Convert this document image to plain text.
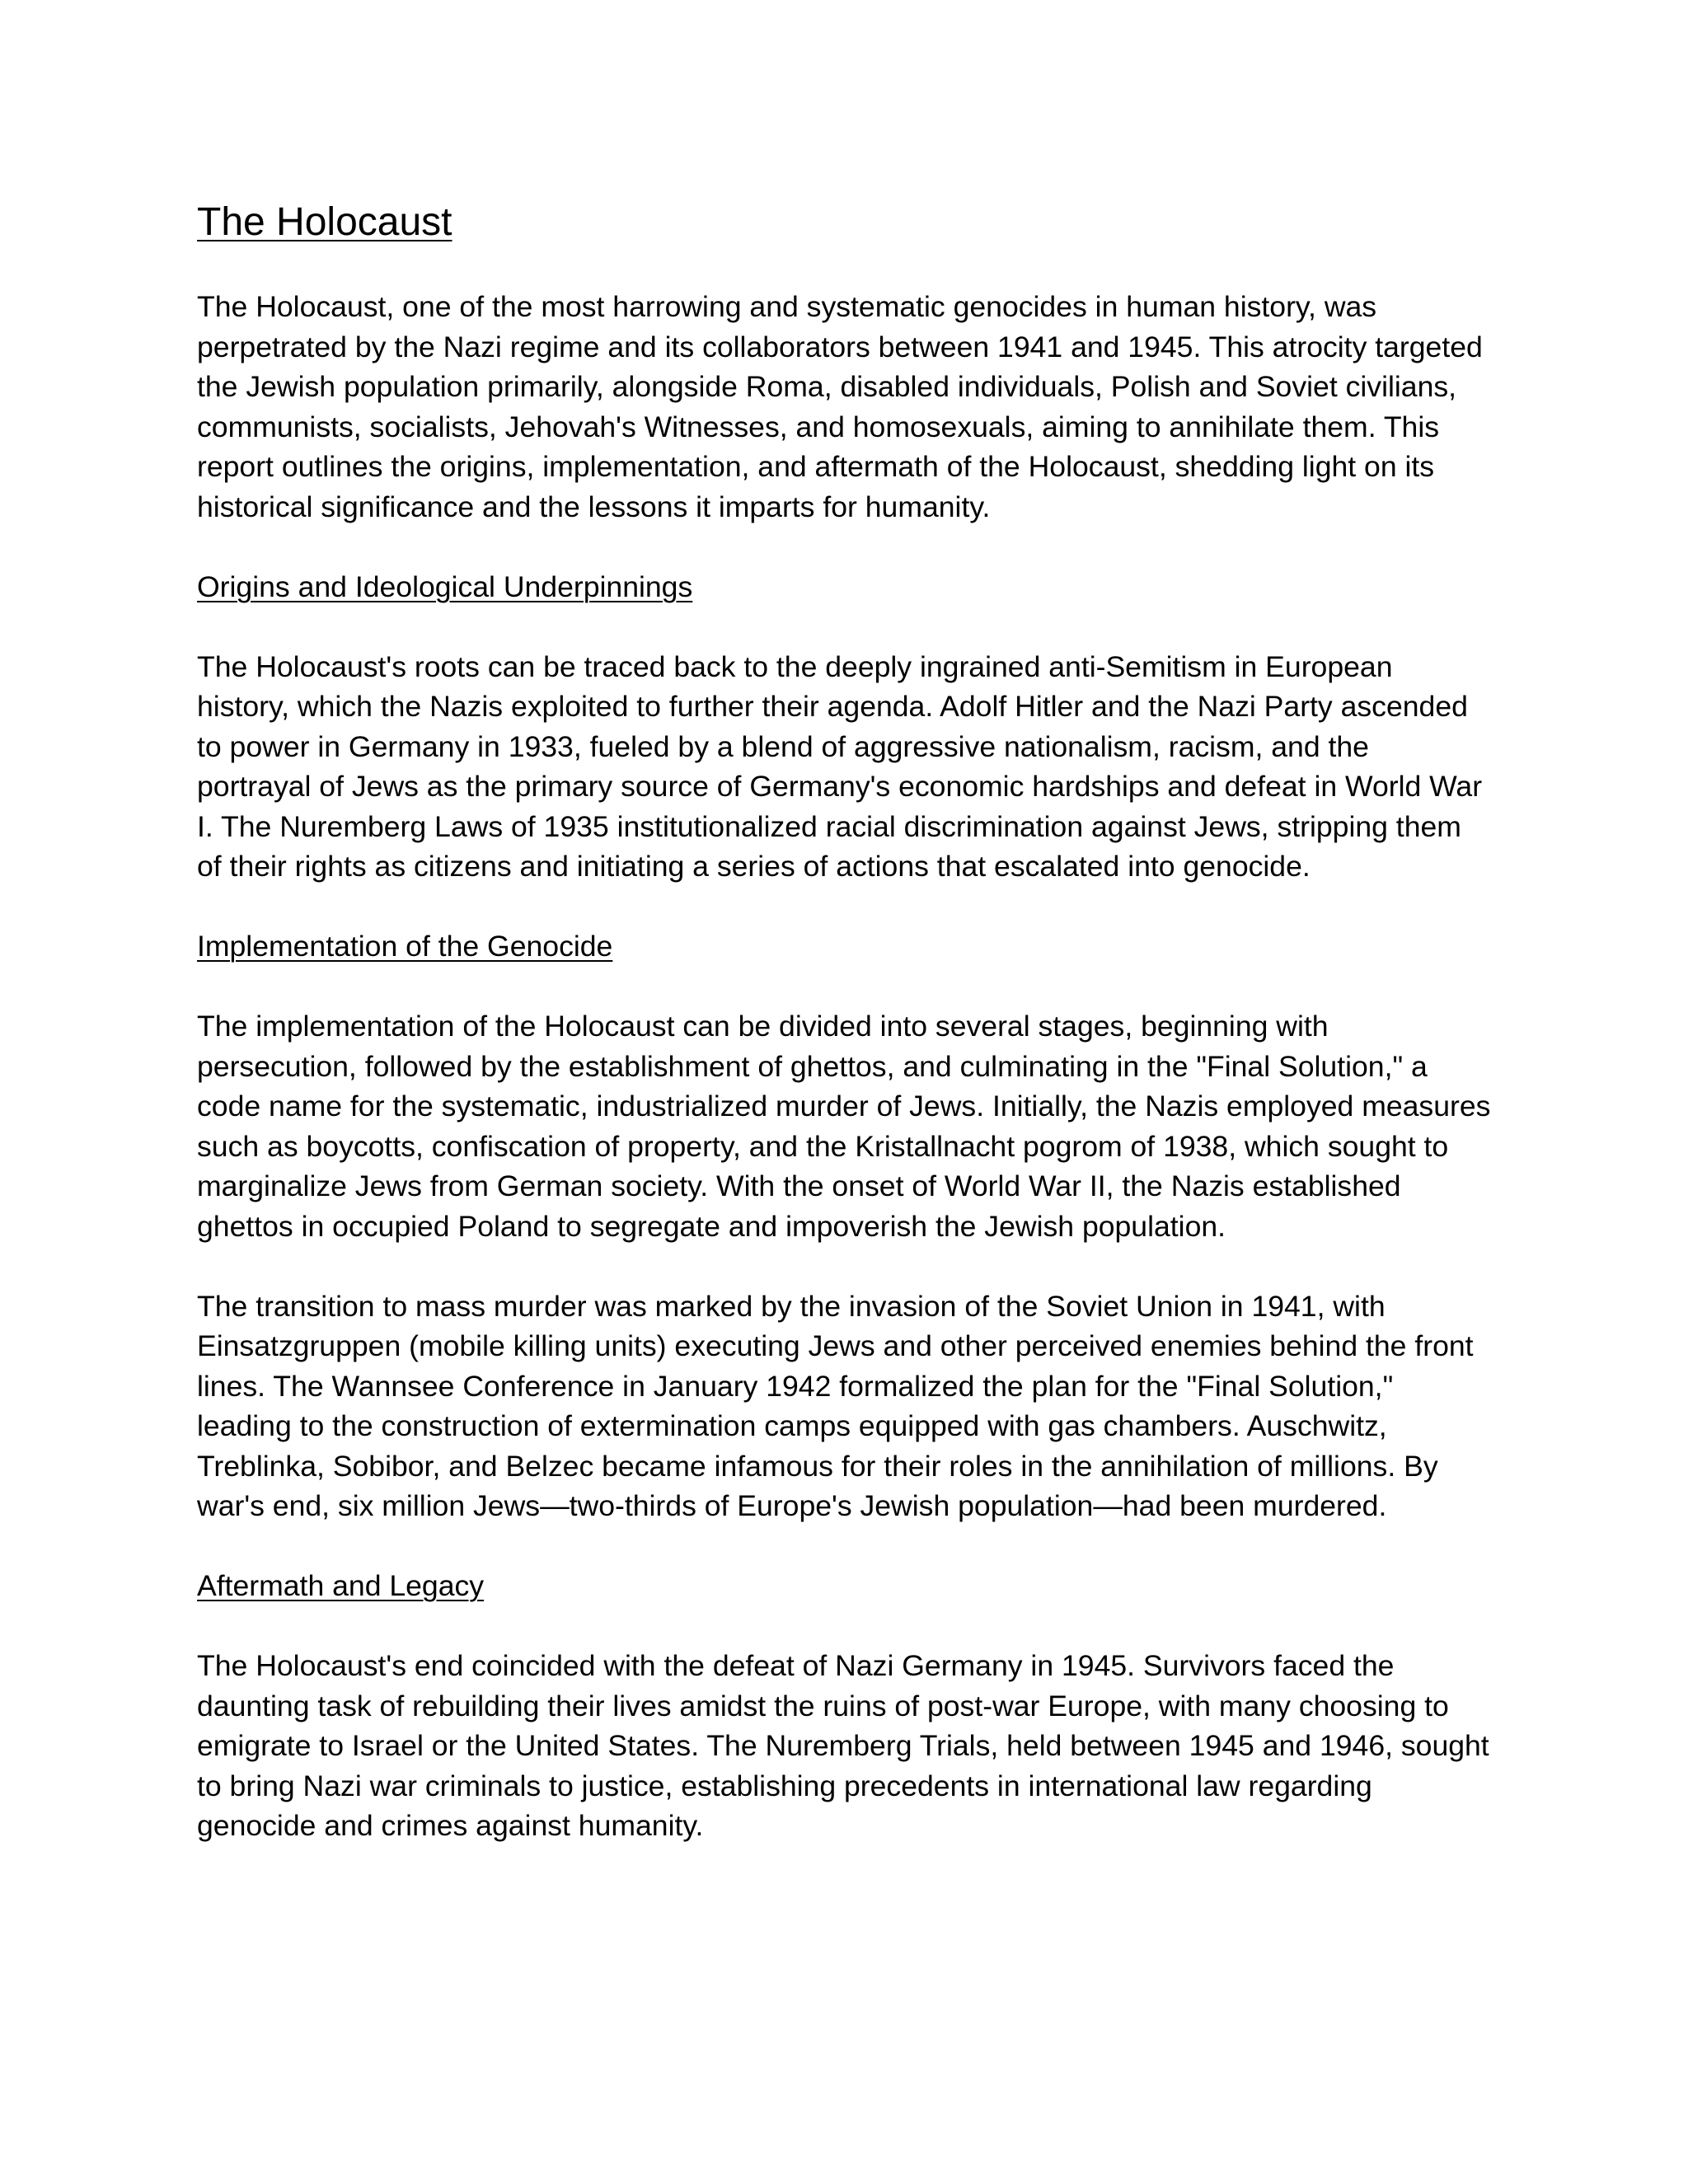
The Holocaust

The Holocaust, one of the most harrowing and systematic genocides in human history, was perpetrated by the Nazi regime and its collaborators between 1941 and 1945. This atrocity targeted the Jewish population primarily, alongside Roma, disabled individuals, Polish and Soviet civilians, communists, socialists, Jehovah's Witnesses, and homosexuals, aiming to annihilate them. This report outlines the origins, implementation, and aftermath of the Holocaust, shedding light on its historical significance and the lessons it imparts for humanity.

Origins and Ideological Underpinnings

The Holocaust's roots can be traced back to the deeply ingrained anti-Semitism in European history, which the Nazis exploited to further their agenda. Adolf Hitler and the Nazi Party ascended to power in Germany in 1933, fueled by a blend of aggressive nationalism, racism, and the portrayal of Jews as the primary source of Germany's economic hardships and defeat in World War I. The Nuremberg Laws of 1935 institutionalized racial discrimination against Jews, stripping them of their rights as citizens and initiating a series of actions that escalated into genocide.

Implementation of the Genocide

The implementation of the Holocaust can be divided into several stages, beginning with persecution, followed by the establishment of ghettos, and culminating in the "Final Solution," a code name for the systematic, industrialized murder of Jews. Initially, the Nazis employed measures such as boycotts, confiscation of property, and the Kristallnacht pogrom of 1938, which sought to marginalize Jews from German society. With the onset of World War II, the Nazis established ghettos in occupied Poland to segregate and impoverish the Jewish population.

The transition to mass murder was marked by the invasion of the Soviet Union in 1941, with Einsatzgruppen (mobile killing units) executing Jews and other perceived enemies behind the front lines. The Wannsee Conference in January 1942 formalized the plan for the "Final Solution," leading to the construction of extermination camps equipped with gas chambers. Auschwitz, Treblinka, Sobibor, and Belzec became infamous for their roles in the annihilation of millions. By war's end, six million Jews—two-thirds of Europe's Jewish population—had been murdered.

Aftermath and Legacy

The Holocaust's end coincided with the defeat of Nazi Germany in 1945. Survivors faced the daunting task of rebuilding their lives amidst the ruins of post-war Europe, with many choosing to emigrate to Israel or the United States. The Nuremberg Trials, held between 1945 and 1946, sought to bring Nazi war criminals to justice, establishing precedents in international law regarding genocide and crimes against humanity.
